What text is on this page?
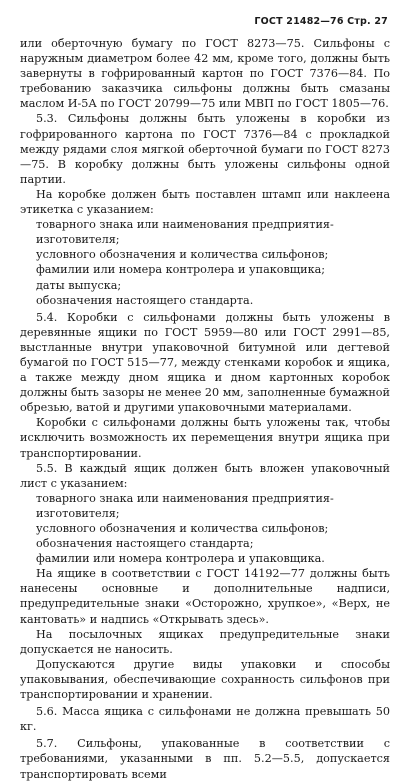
ГОСТ 21482—76 Стр. 27

или оберточную бумагу по ГОСТ 8273—75. Сильфоны с наружным диаметром более 42 мм, кроме того, должны быть завернуты в гофрированный картон по ГОСТ 7376—84. По требованию заказчика сильфоны должны быть смазаны маслом И-5А по ГОСТ 20799—75 или МВП по ГОСТ 1805—76.

5.3. Сильфоны должны быть уложены в коробки из гофрированного картона по ГОСТ 7376—84 с прокладкой между рядами слоя мягкой оберточной бумаги по ГОСТ 8273—75. В коробку должны быть уложены сильфоны одной партии.

На коробке должен быть поставлен штамп или наклеена этикетка с указанием:

товарного знака или наименования предприятия-изготовителя;

условного обозначения и количества сильфонов;

фамилии или номера контролера и упаковщика;

даты выпуска;

обозначения настоящего стандарта.

5.4. Коробки с сильфонами должны быть уложены в деревянные ящики по ГОСТ 5959—80 или ГОСТ 2991—85, выстланные внутри упаковочной битумной или дегтевой бумагой по ГОСТ 515—77, между стенками коробок и ящика, а также между дном ящика и дном картонных коробок должны быть зазоры не менее 20 мм, заполненные бумажной обрезью, ватой и другими упаковочными материалами.

Коробки с сильфонами должны быть уложены так, чтобы исключить возможность их перемещения внутри ящика при транспортировании.

5.5. В каждый ящик должен быть вложен упаковочный лист с указанием:

товарного знака или наименования предприятия-изготовителя;

условного обозначения и количества сильфонов;

обозначения настоящего стандарта;

фамилии или номера контролера и упаковщика.

На ящике в соответствии с ГОСТ 14192—77 должны быть нанесены основные и дополнительные надписи, предупредительные знаки «Осторожно, хрупкое», «Верх, не кантовать» и надпись «Открывать здесь».

На посылочных ящиках предупредительные знаки допускается не наносить.

Допускаются другие виды упаковки и способы упаковывания, обеспечивающие сохранность сильфонов при транспортировании и хранении.

5.6. Масса ящика с сильфонами не должна превышать 50 кг.

5.7. Сильфоны, упакованные в соответствии с требованиями, указанными в пп. 5.2—5.5, допускается транспортировать всеми
